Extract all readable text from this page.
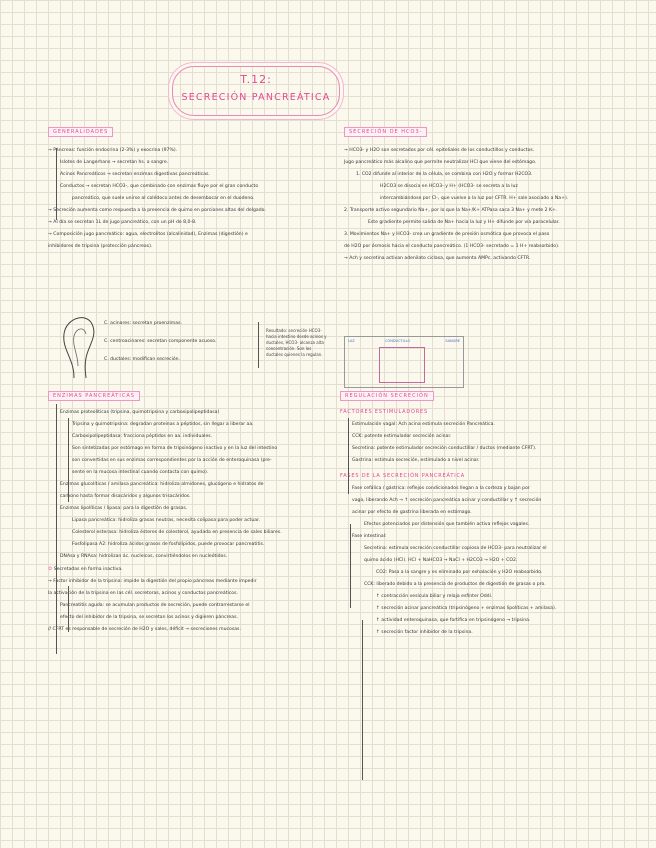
T.12:
SECRECIÓN PANCREÁTICA
GENERALIDADES
→ Páncreas: función endocrina (2-3%) y exocrina (97%).
Islotes de Langerhans → secretan hs. a sangre.
Acinos Pancreáticos → secretan enzimas digestivas pancreáticas.
Conductos → secretan HCO3-, que combinado con enzimas fluye por el gran conducto
pancreático, que suele unirse al colédoco antes de desembocar en el duodeno.
→ Secreción aumenta como respuesta a la presencia de quimo en porciones altas del delgado.
→ Al día se secretan 1L de jugo pancreático, con un pH de 8,0-8.
→ Composición jugo pancreático: agua, electrolitos (alcalinidad), Enzimas (digestión) e
inhibidores de tripsina (protección páncreas).
C. acinares: secretan proenzimas.
C. centroacinares: secretan componente acuoso.
C. ductales: modifican secreción.
Resultado: secreción HCO3- hacia intestino desde acinos y ductales, HCO3- alcanza alta concentración. Son los ductales quienes la regulan.
SECRECIÓN DE HCO3-
→ HCO3- y H2O son secretados por cél. epiteliales de los conductillos y conductos.
Jugo pancreático más alcalino que permite neutralizar HCl que viene del estómago.
1. CO2 difunde al interior de la célula, se combina con H2O y formar H2CO3.
H2CO3 se disocia en HCO3- y H+ (HCO3- se secreta a la luz
intercambiándose por Cl-, que vuelve a la luz por CFTR. H+ sale asociado a Na+).
2. Transporte activo segundario Na+, por lo que la Na+/K+ ATPasa saca 3 Na+ y mete 2 K+.
Este gradiente permite salida de Na+ hacia la luz y H+ difunde por vía paracelular.
3. Movimientos Na+ y HCO3- crea un gradiente de presión osmótica que provoca el paso
de H2O por ósmosis hacia el conducto pancreático. (1 HCO3- secretado = 1 H+ reabsorbido).
→ Ach y secretina activan adenilato ciclasa, que aumenta AMPc, activando CFTR.
LUZ	CONDUCTILLO	SANGRE
ENZIMAS PANCREÁTICAS
Enzimas proteolíticas (tripsina, quimotripsina y carboxipolipeptidasa)
Tripsina y quimotripsina: degradan proteínas a péptidos, sin llegar a liberar aa.
Carboxipolipeptidasa: fracciona péptidos en aa. individuales.
Son sintetizadas por estómago en forma de tripsinógeno inactivo y en la luz del intestino
son convertidas en sus enzimas correspondientes por la acción de enteroquinasa (pre-
sente en la mucosa intestinal cuando contacta con quimo).
Enzimas glucolíticas / amilasa pancreática: hidroliza almidones, glucógeno e hidratos de
carbono hasta formar disacáridos y algunos trisacáridos.
Enzimas lipolíticas / lipasa: para la digestión de grasas.
Lipasa pancreática: hidroliza grasas neutras, necesita colipasa para poder actuar.
Colesterol esterasa: hidroliza ésteres de colesterol, ayudada en presencia de sales biliares.
Fosfolipasa A2: hidroliza ácidos grasos de fosfolípidos, puede provocar pancreatitis.
DNAsa y RNAsa: hidrolizan ác. nucleicos, convirtiéndolos en nucleótidos.
✿ Secretadas en forma inactiva.
→ Factor inhibidor de la tripsina: impide la digestión del propio páncreas mediante impedir
la activación de la tripsina en las cél. secretoras, acinos y conductos pancreáticos.
Pancreatitis aguda: se acumulan productos de secreción, puede contrarrestarse el
efecto del inhibidor de la tripsina, se secretan los acinos y digieren páncreas.
// CFRT es responsable de secreción de H2O y sales, déficit → secreciones mucosas.
REGULACIÓN SECRECIÓN
FACTORES ESTIMULADORES
Estimulación vagal: Ach acina estimula secreción Pancreática.
CCK: potente estimulador secreción acinar.
Secretina: potente estimulador secreción conductillar / ductos (mediante CFRT).
Gastrina: estimula secreción, estimulado a nivel acinar.
FASES DE LA SECRECIÓN PANCREÁTICA
Fase cefálica / gástrica: reflejos condicionados llegan a la corteza y bajan por
vago, liberando Ach → ↑ secreción pancreática acinar y conductillar y ↑ secreción
acinar por efecto de gastrina liberada en estómago.
Efectos potenciados por distensión que también activa reflejos vagales.
Fase intestinal:
Secretina: estimula secreción conductillar copiosa de HCO3- para neutralizar el
quimo ácido (HCl). HCl + NaHCO3 → NaCl + H2CO3 → H2O + CO2.
CO2: Pasa a la sangre y es eliminado por exhalación y H2O reabsorbido.
CCK: liberado debido a la presencia de productos de digestión de grasas o pro.
↑ contracción vesícula biliar y relaja esfínter Oddi.
↑ secreción acinar pancreática (tripsinógeno + enzimas lipolíticas + amilasa).
↑ actividad enteroquinasa, que fortifica en tripsinógeno → tripsina.
↑ secreción factor inhibidor de la tripsina.
